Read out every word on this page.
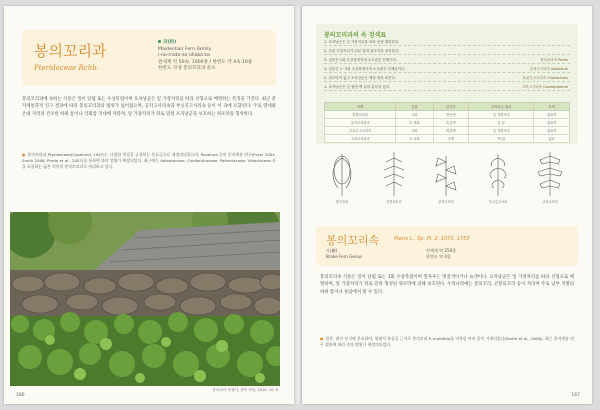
봉의꼬리과
Pteridaceae Rchb.
과(科)
Maidenhair Fern Family
i-no-moto-so-ahaka ka
전세계 약 50속, 1000종 / 한반도 약 4속 10종
한반도 자생 봉의꼬리과 분포
봉의꼬리과에 속하는 식물은 잎이 단엽 또는 우상복엽이며 포자낭군은 잎 가장자리를 따라 선형으로 배열하는 특징을 가진다. 최근 분자계통학적 연구 결과에 따라 봉의꼬리과의 범위가 넓어졌으며, 공작고사리속과 부싯깃고사리속 등이 이 과에 포함된다. 주로 열대와 온대 지역의 건조한 바위 틈이나 석회암 지대에 자라며, 잎 가장자리가 뒤로 말려 포자낭군을 보호하는 위포막을 형성한다.
● 봉의꼬리과 Pteridaceae(Copeland, 1947)는 다양한 형질을 공유하는 분류군으로 재정의되었으며, Ravenna 등의 분자계통 연구(Pryer 2004, Smith 2006, Prado et al., 2007)를 통하여 과의 범위가 확장되었다. 최근에는 Adiantaceae, Cheilanthaceae, Parkeriaceae, Vittariaceae 등을 포함하는 넓은 의미의 봉의꼬리과로 처리하고 있다.
봉의꼬리 자생지, 경북 의성, 2010. 10. 8
166
봉의꼬리과의 속 검색표
1. 포자낭군은 잎 가장자리를 따라 선형 배열한다.
2. 우편 가장자리가 뒤로 말려 위포막을 형성한다.
3. 잎몸은 1회 우상복엽이며 소우편은 선형이다.	봉의꼬리속 Pteris
3. 잎몸은 2~3회 우상복엽이며 소우편은 부채꼴이다.	공작고사리속 Adiantum
2. 위포막이 없고 포자낭군은 맥을 따라 퍼진다.	부싯깃고사리속 Cheilanthes
1. 포자낭군은 잎 뒷면 맥 위에 흩어져 있다.	고비고사리속 Coniogramme
속명	잎몸	잎자루	포자낭군 위치	포막
봉의꼬리속	1회	연녹색	잎 가장자리	위포막
공작고사리속	2~3회	흑갈색	잎 끝	위포막
부싯깃고사리속	2회	적갈색	잎 가장자리	위포막
고비고사리속	1~2회	녹색	맥 위	없음
봉의꼬리	큰봉의꼬리	공작고사리	부싯깃고사리	고비고사리
봉의꼬리속	Pteris L., Sp. Pl. 2: 1073, 1753
속(屬)
Brake Fern Genus
전세계 약 250종
한반도 약 4종
봉의꼬리속 식물은 잎이 단엽 또는 1회 우상복엽이며 잎자루는 볏짚색이거나 녹색이다. 포자낭군은 잎 가장자리를 따라 선형으로 배열하며, 잎 가장자리가 뒤로 말려 형성된 위포막에 의해 보호된다. 우리나라에는 봉의꼬리, 큰봉의꼬리 등이 자라며 주로 남부 지방의 바위 틈이나 돌담에서 볼 수 있다.
● 일본, 대만 등지에 분포하며, 형태적 특징을 근거로 봉의꼬리 P. multifida를 비롯한 여러 종이 기재되었다(Smith et al., 2006). 최근 분자계통 연구 결과에 따라 속의 범위가 재정의되었다.
167
